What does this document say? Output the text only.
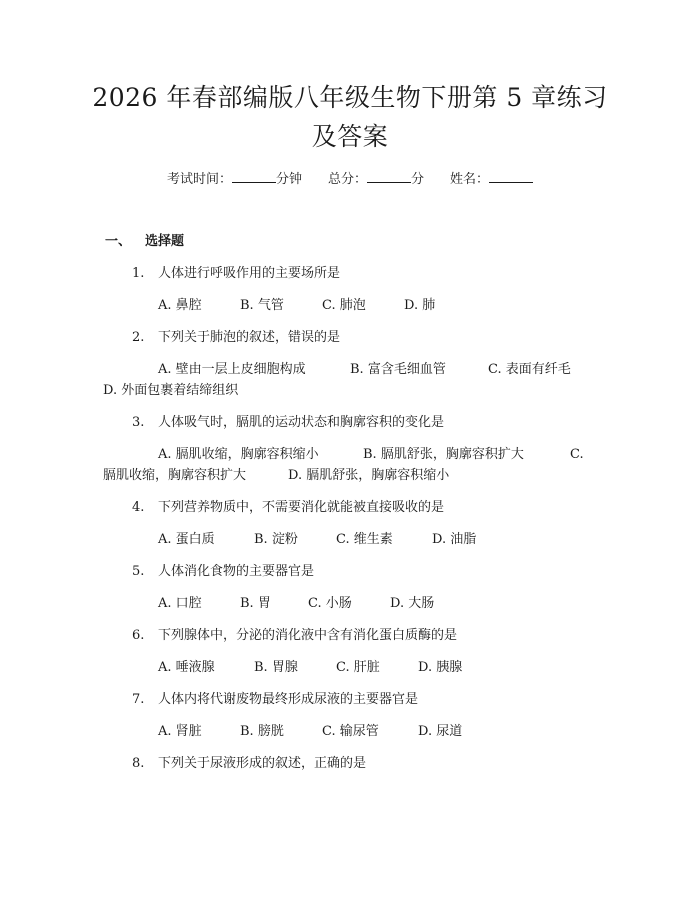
2026 年春部编版八年级生物下册第 5 章练习
及答案
考试时间：	分钟 总分：	分 姓名：
一、 选择题
1. 人体进行呼吸作用的主要场所是
A. 鼻腔	B. 气管	C. 肺泡	D. 肺
2. 下列关于肺泡的叙述，错误的是
A. 壁由一层上皮细胞构成	B. 富含毛细血管	C. 表面有纤毛
D. 外面包裹着结缔组织
3. 人体吸气时，膈肌的运动状态和胸廓容积的变化是
A. 膈肌收缩，胸廓容积缩小	B. 膈肌舒张，胸廓容积扩大	C.
膈肌收缩，胸廓容积扩大	D. 膈肌舒张，胸廓容积缩小
4. 下列营养物质中，不需要消化就能被直接吸收的是
A. 蛋白质	B. 淀粉	C. 维生素	D. 油脂
5. 人体消化食物的主要器官是
A. 口腔	B. 胃	C. 小肠	D. 大肠
6. 下列腺体中，分泌的消化液中含有消化蛋白质酶的是
A. 唾液腺	B. 胃腺	C. 肝脏	D. 胰腺
7. 人体内将代谢废物最终形成尿液的主要器官是
A. 肾脏	B. 膀胱	C. 输尿管	D. 尿道
8. 下列关于尿液形成的叙述，正确的是
